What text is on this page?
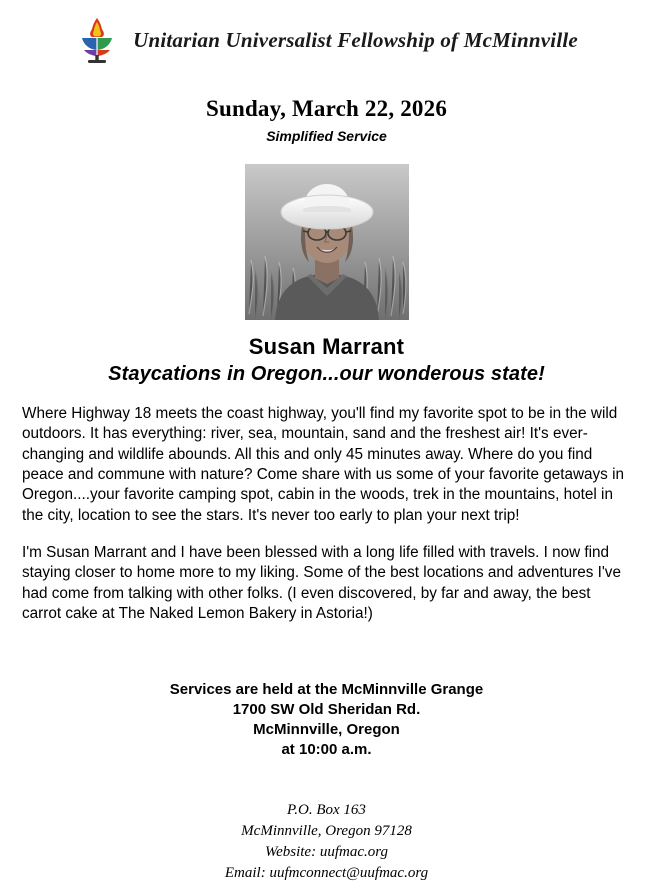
Unitarian Universalist Fellowship of McMinnville
Sunday, March 22, 2026
Simplified Service
Susan Marrant
Staycations in Oregon...our wonderous state!

Where Highway 18 meets the coast highway, you'll find my favorite spot to be in the wild outdoors. It has everything: river, sea, mountain, sand and the freshest air! It's ever-changing and wildlife abounds. All this and only 45 minutes away. Where do you find peace and commune with nature? Come share with us some of your favorite getaways in Oregon....your favorite camping spot, cabin in the woods, trek in the mountains, hotel in the city, location to see the stars. It's never too early to plan your next trip!

I'm Susan Marrant and I have been blessed with a long life filled with travels. I now find staying closer to home more to my liking. Some of the best locations and adventures I've had come from talking with other folks. (I even discovered, by far and away, the best carrot cake at The Naked Lemon Bakery in Astoria!)

Services are held at the McMinnville Grange
1700 SW Old Sheridan Rd.
McMinnville, Oregon
at 10:00 a.m.
P.O. Box 163
McMinnville, Oregon 97128
Website: uufmac.org
Email: uufmconnect@uufmac.org
